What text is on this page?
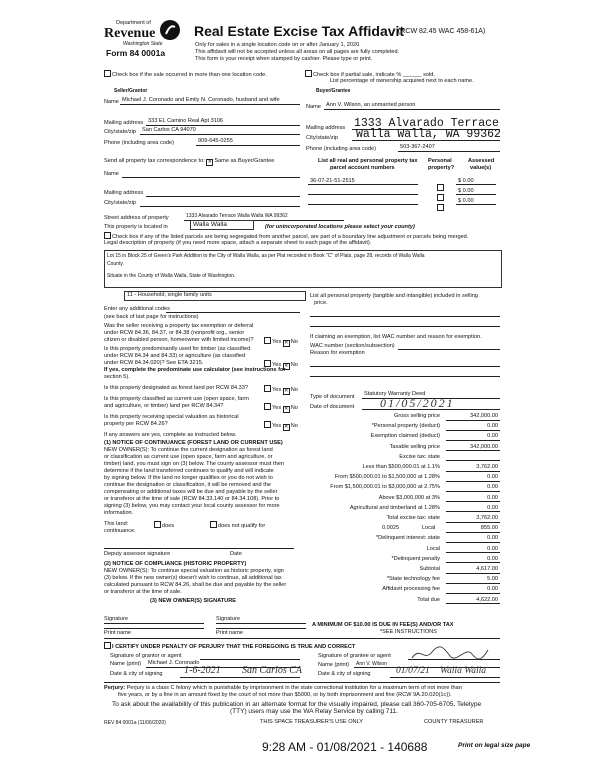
Department of
Revenue
Washington State
Form 84 0001a
Real Estate Excise Tax Affidavit
(RCW 82.45 WAC 458-61A)
Only for sales in a single location code on or after January 1, 2020.
This affidavit will not be accepted unless all areas on all pages are fully completed.
This form is your receipt when stamped by cashier. Please type or print.
Check box if the sale occurred in more than one location code.	Check box if partial sale, indicate % ______ sold.
List percentage of ownership acquired next to each name.
Seller/Grantor
Name Michael J. Coronado and Emily N. Coronado, husband and wife
Mailing address 333 EL Camino Real Apt 3106
City/state/zip San Carlos CA 94070
Phone (including area code)	909-645-0255
Buyer/Grantee
Name Ann V. Wilson, an unmarried person
Mailing address 1333 Alvarado Terrace
City/state/zip Walla Walla, WA 99362
Phone (including area code)	503-367-2407
Send all property tax correspondence to: ✕ Same as Buyer/Grantee
Name
Mailing address
City/state/zip
List all real and personal property tax
parcel account numbers
Personal
property?
Assessed
value(s)
36-07-21-51-2515	$ 0.00
$ 0.00
$ 0.00
Street address of property	1333 Alvarado Terrace Walla Walla WA 99362
This property is located in	Walla Walla	(for unincorporated locations please select your county)
Check box if any of the listed parcels are being segregated from another parcel, are part of a boundary line adjustment or parcels being merged.
Legal description of property (if you need more space, attach a separate sheet to each page of the affidavit).
Lot 15 in Block 25 of Green's Park Addition to the City of Walla Walla, as per Plat recorded in Book "C" of Plats, page 28, records of Walla Walla
County.
Situate in the County of Walla Walla, State of Washington.
11 - Household, single family units
Enter any additional codes
(see back of last page for instructions)
Was the seller receiving a property tax exemption or deferral
under RCW 84.36, 84.37, or 84.38 (nonprofit org., senior
citizen or disabled person, homeowner with limited income)?	Yes ✕ No
Is this property predominantly used for timber (as classified
under RCW 84.34 and 84.33) or agriculture (as classified
under RCW 84.34.020)? See ETA 3215.	Yes ✕ No
If yes, complete the predominate use calculator (see instructions for
section 5).
Is this property designated as forest land per RCW 84.33?	Yes ✕ No
Is this property classified as current use (open space, farm
and agriculture, or timber) land per RCW 84.34?	Yes ✕ No
Is this property receiving special valuation as historical
property per RCW 84.26?	Yes ✕ No
If any answers are yes, complete as instructed below.
(1) NOTICE OF CONTINUANCE (FOREST LAND OR CURRENT USE)
NEW OWNER(S): To continue the current designation as forest land
or classification as current use (open space, farm and agriculture, or
timber) land, you must sign on (3) below. The county assessor must then
determine if the land transferred continues to qualify and will indicate
by signing below. If the land no longer qualifies or you do not wish to
continue the designation or classification, it will be removed and the
compensating or additional taxes will be due and payable by the seller
or transferor at the time of sale (RCW 84.33.140 or 84.34.108). Prior to
signing (3) below, you may contact your local county assessor for more
information.
This land:	does	does not qualify for
continuance.
Deputy assessor signature	Date
(2) NOTICE OF COMPLIANCE (HISTORIC PROPERTY)
NEW OWNER(S): To continue special valuation as historic property, sign
(3) below. If the new owner(s) doesn't wish to continue, all additional tax
calculated pursuant to RCW 84.26, shall be due and payable by the seller
or transferor at the time of sale.
(3) NEW OWNER(S) SIGNATURE
Signature	Signature
Print name	Print name
List all personal property (tangible and intangible) included in selling
price.
If claiming an exemption, list WAC number and reason for exemption.
WAC number (section/subsection)
Reason for exemption
Type of document Statutory Warranty Deed
Date of document 01/05/2021
Gross selling price	342,000.00
*Personal property (deduct)	0.00
Exemption claimed (deduct)	0.00
Taxable selling price	342,000.00
Excise tax: state
Less than $500,000.01 at 1.1%	3,762.00
From $500,000.01 to $1,500,000 at 1.28%	0.00
From $1,500,000.01 to $3,000,000 at 2.75%	0.00
Above $3,000,000 at 3%	0.00
Agricultural and timberland at 1.28%	0.00
Total excise tax: state	3,762.00
Local
0.0025	855.00
*Delinquent interest: state	0.00
Local	0.00
*Delinquent penalty	0.00
Subtotal	4,617.00
*State technology fee	5.00
Affidavit processing fee	0.00
Total due	4,622.00
A MINIMUM OF $10.00 IS DUE IN FEE(S) AND/OR TAX
*SEE INSTRUCTIONS
I CERTIFY UNDER PENALTY OF PERJURY THAT THE FOREGOING IS TRUE AND CORRECT
Signature of grantor or agent
Name (print) Michael J. Coronado
Date & city of signing 1-6-2021 San Carlos CA
Signature of grantee or agent
Name (print) Ann V. Wilson
Date & city of signing	01/07/21 Walla Walla
Perjury: Perjury is a class C felony which is punishable by imprisonment in the state correctional institution for a maximum term of not more than
five years, or by a fine in an amount fixed by the court of not more than $5000, or by both imprisonment and fine (RCW 9A.20.020(1c)).
To ask about the availability of this publication in an alternate format for the visually impaired, please call 360-705-6705. Teletype
(TTY) users may use the WA Relay Service by calling 711.
REV 84 0001a (11/06/2020)	THIS SPACE TREASURER'S USE ONLY	COUNTY TREASURER
9:28 AM - 01/08/2021 - 140688	Print on legal size pape
